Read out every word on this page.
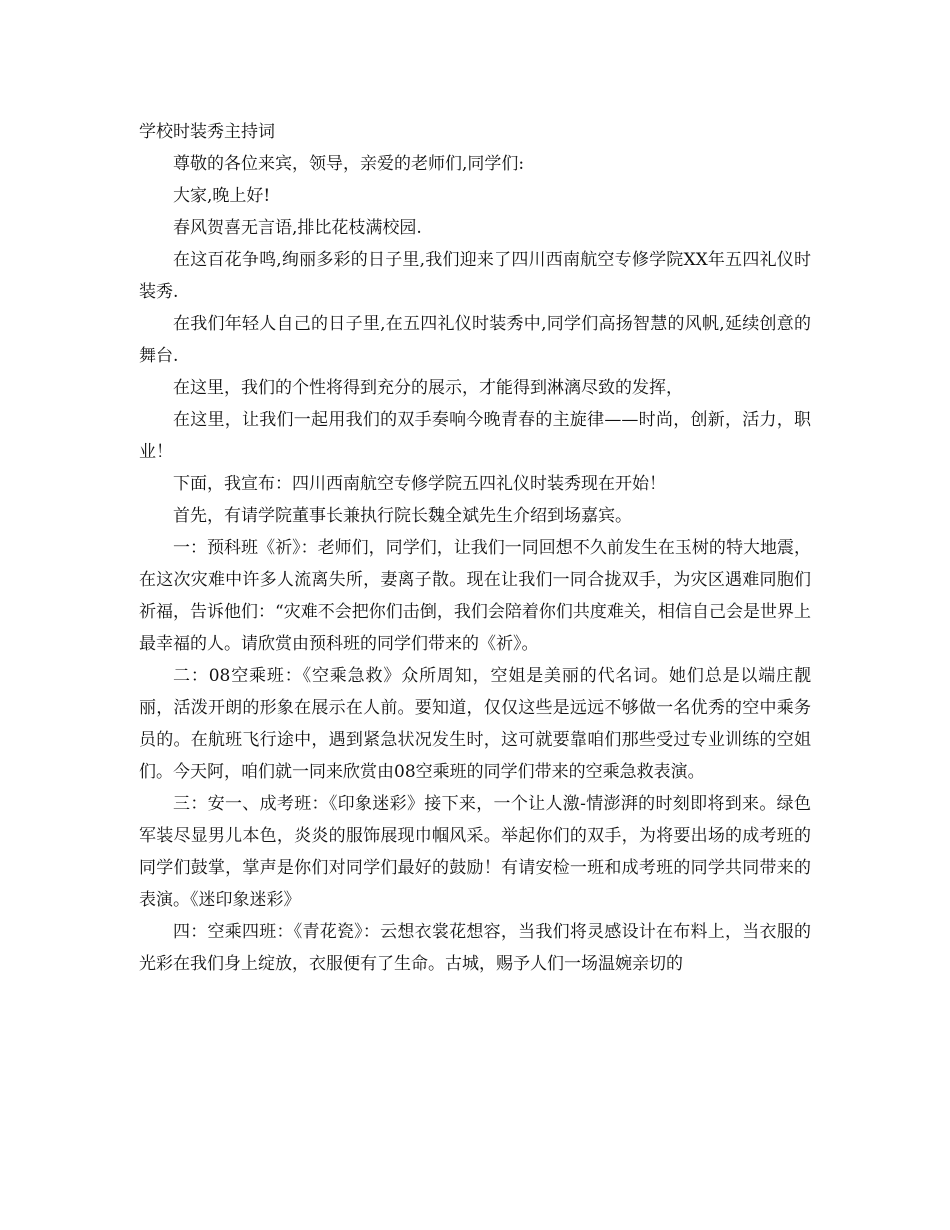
学校时装秀主持词

尊敬的各位来宾，领导，亲爱的老师们,同学们:

大家,晚上好!

春风贺喜无言语,排比花枝满校园.

在这百花争鸣,绚丽多彩的日子里,我们迎来了四川西南航空专修学院XX年五四礼仪时装秀.

在我们年轻人自己的日子里,在五四礼仪时装秀中,同学们高扬智慧的风帆,延续创意的舞台.

在这里，我们的个性将得到充分的展示，才能得到淋漓尽致的发挥，

在这里，让我们一起用我们的双手奏响今晚青春的主旋律——时尚，创新，活力，职业！

下面，我宣布：四川西南航空专修学院五四礼仪时装秀现在开始！

首先，有请学院董事长兼执行院长魏全斌先生介绍到场嘉宾。

一：预科班《祈》：老师们，同学们，让我们一同回想不久前发生在玉树的特大地震，在这次灾难中许多人流离失所，妻离子散。现在让我们一同合拢双手，为灾区遇难同胞们祈福，告诉他们：“灾难不会把你们击倒，我们会陪着你们共度难关，相信自己会是世界上最幸福的人。请欣赏由预科班的同学们带来的《祈》。

二：08空乘班：《空乘急救》众所周知，空姐是美丽的代名词。她们总是以端庄靓丽，活泼开朗的形象在展示在人前。要知道，仅仅这些是远远不够做一名优秀的空中乘务员的。在航班飞行途中，遇到紧急状况发生时，这可就要靠咱们那些受过专业训练的空姐们。今天阿，咱们就一同来欣赏由08空乘班的同学们带来的空乘急救表演。

三：安一、成考班：《印象迷彩》接下来，一个让人激-情澎湃的时刻即将到来。绿色军装尽显男儿本色，炎炎的服饰展现巾帼风采。举起你们的双手，为将要出场的成考班的同学们鼓掌，掌声是你们对同学们最好的鼓励！有请安检一班和成考班的同学共同带来的表演。《迷印象迷彩》

四：空乘四班：《青花瓷》：云想衣裳花想容，当我们将灵感设计在布料上，当衣服的光彩在我们身上绽放，衣服便有了生命。古城，赐予人们一场温婉亲切的
